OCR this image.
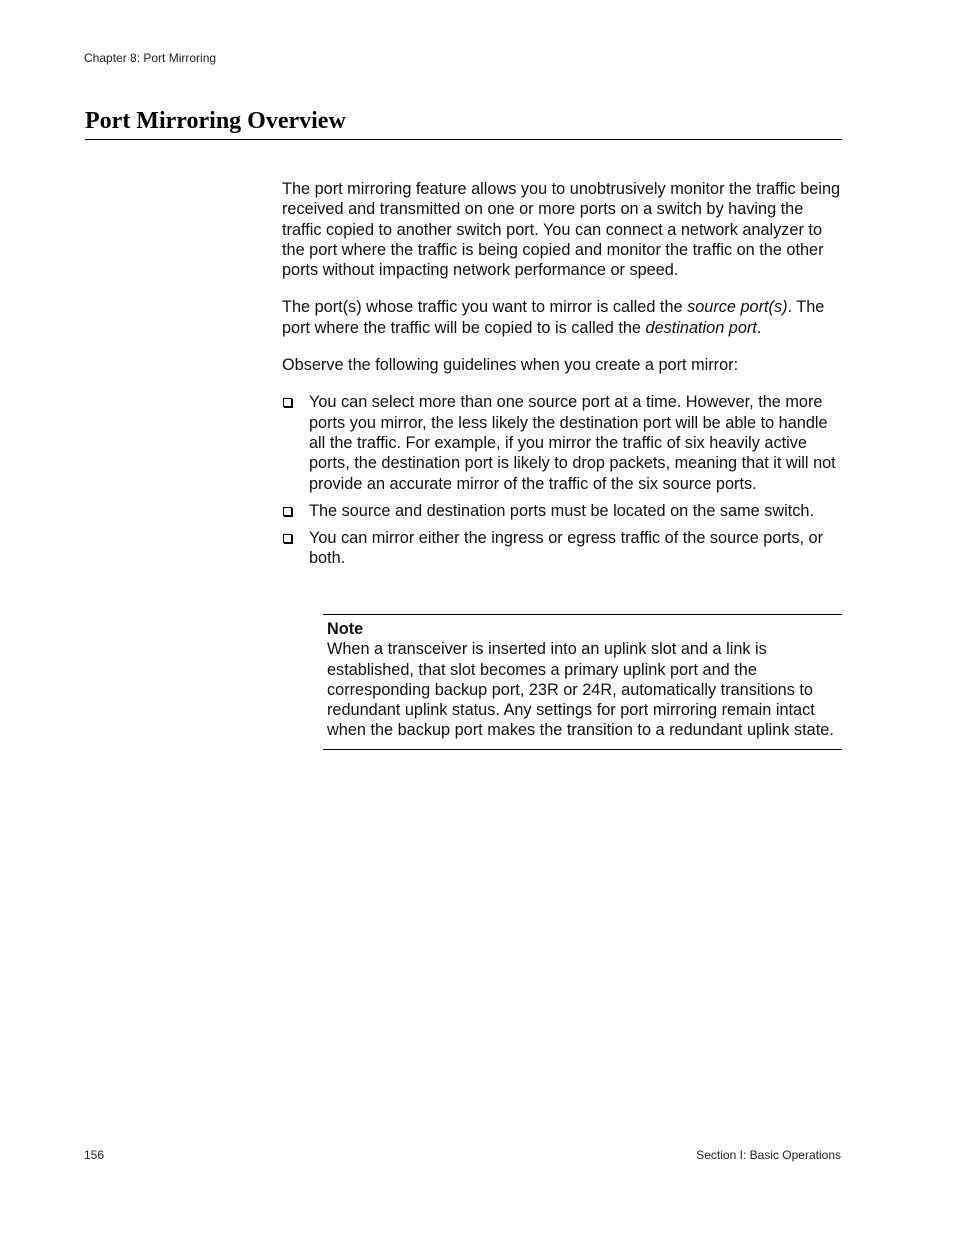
Chapter 8: Port Mirroring
Port Mirroring Overview

The port mirroring feature allows you to unobtrusively monitor the traffic being received and transmitted on one or more ports on a switch by having the traffic copied to another switch port. You can connect a network analyzer to the port where the traffic is being copied and monitor the traffic on the other ports without impacting network performance or speed.

The port(s) whose traffic you want to mirror is called the source port(s). The port where the traffic will be copied to is called the destination port.

Observe the following guidelines when you create a port mirror:

You can select more than one source port at a time. However, the more ports you mirror, the less likely the destination port will be able to handle all the traffic. For example, if you mirror the traffic of six heavily active ports, the destination port is likely to drop packets, meaning that it will not provide an accurate mirror of the traffic of the six source ports.
The source and destination ports must be located on the same switch.
You can mirror either the ingress or egress traffic of the source ports, or both.
Note
When a transceiver is inserted into an uplink slot and a link is established, that slot becomes a primary uplink port and the corresponding backup port, 23R or 24R, automatically transitions to redundant uplink status. Any settings for port mirroring remain intact when the backup port makes the transition to a redundant uplink state.
156	Section I: Basic Operations
